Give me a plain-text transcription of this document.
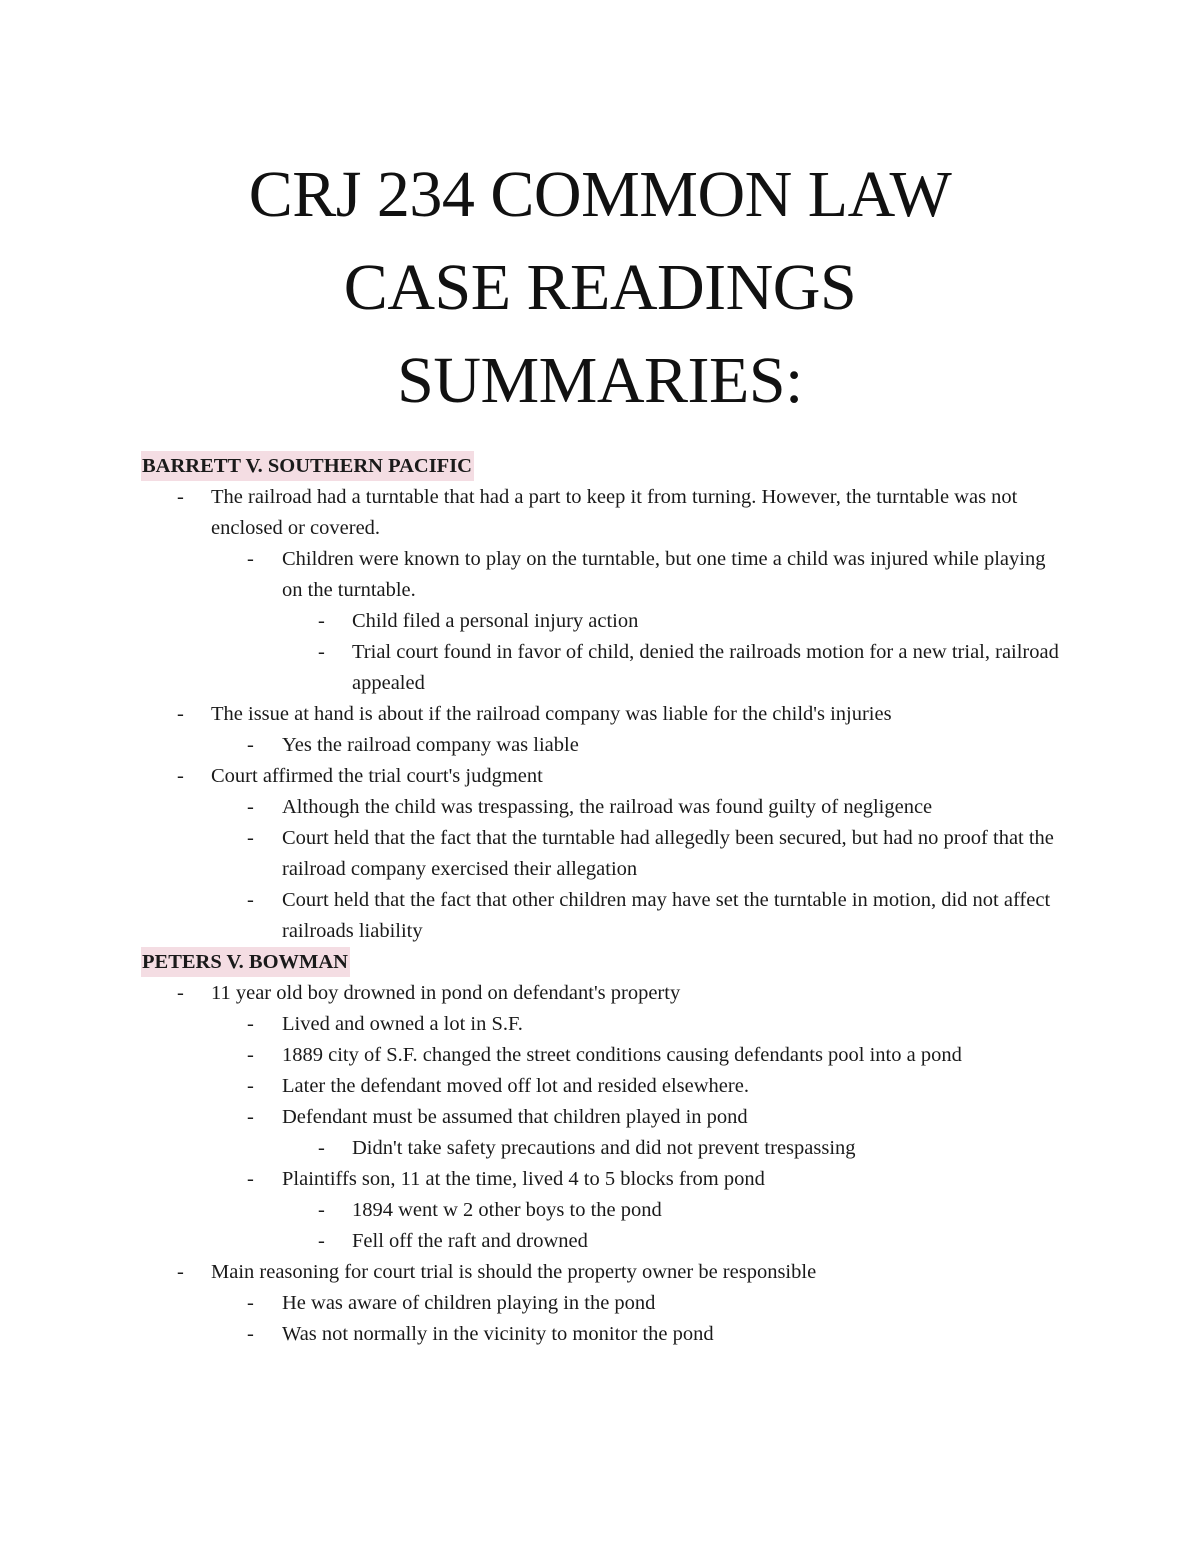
CRJ 234 COMMON LAW
CASE READINGS
SUMMARIES:
BARRETT V. SOUTHERN PACIFIC
- The railroad had a turntable that had a part to keep it from turning. However, the turntable was not enclosed or covered.
- Children were known to play on the turntable, but one time a child was injured while playing on the turntable.
- Child filed a personal injury action
- Trial court found in favor of child, denied the railroads motion for a new trial, railroad appealed
- The issue at hand is about if the railroad company was liable for the child's injuries
- Yes the railroad company was liable
- Court affirmed the trial court's judgment
- Although the child was trespassing, the railroad was found guilty of negligence
- Court held that the fact that the turntable had allegedly been secured, but had no proof that the railroad company exercised their allegation
- Court held that the fact that other children may have set the turntable in motion, did not affect railroads liability
PETERS V. BOWMAN
- 11 year old boy drowned in pond on defendant's property
- Lived and owned a lot in S.F.
- 1889 city of S.F. changed the street conditions causing defendants pool into a pond
- Later the defendant moved off lot and resided elsewhere.
- Defendant must be assumed that children played in pond
- Didn't take safety precautions and did not prevent trespassing
- Plaintiffs son, 11 at the time, lived 4 to 5 blocks from pond
- 1894 went w 2 other boys to the pond
- Fell off the raft and drowned
- Main reasoning for court trial is should the property owner be responsible
- He was aware of children playing in the pond
- Was not normally in the vicinity to monitor the pond
